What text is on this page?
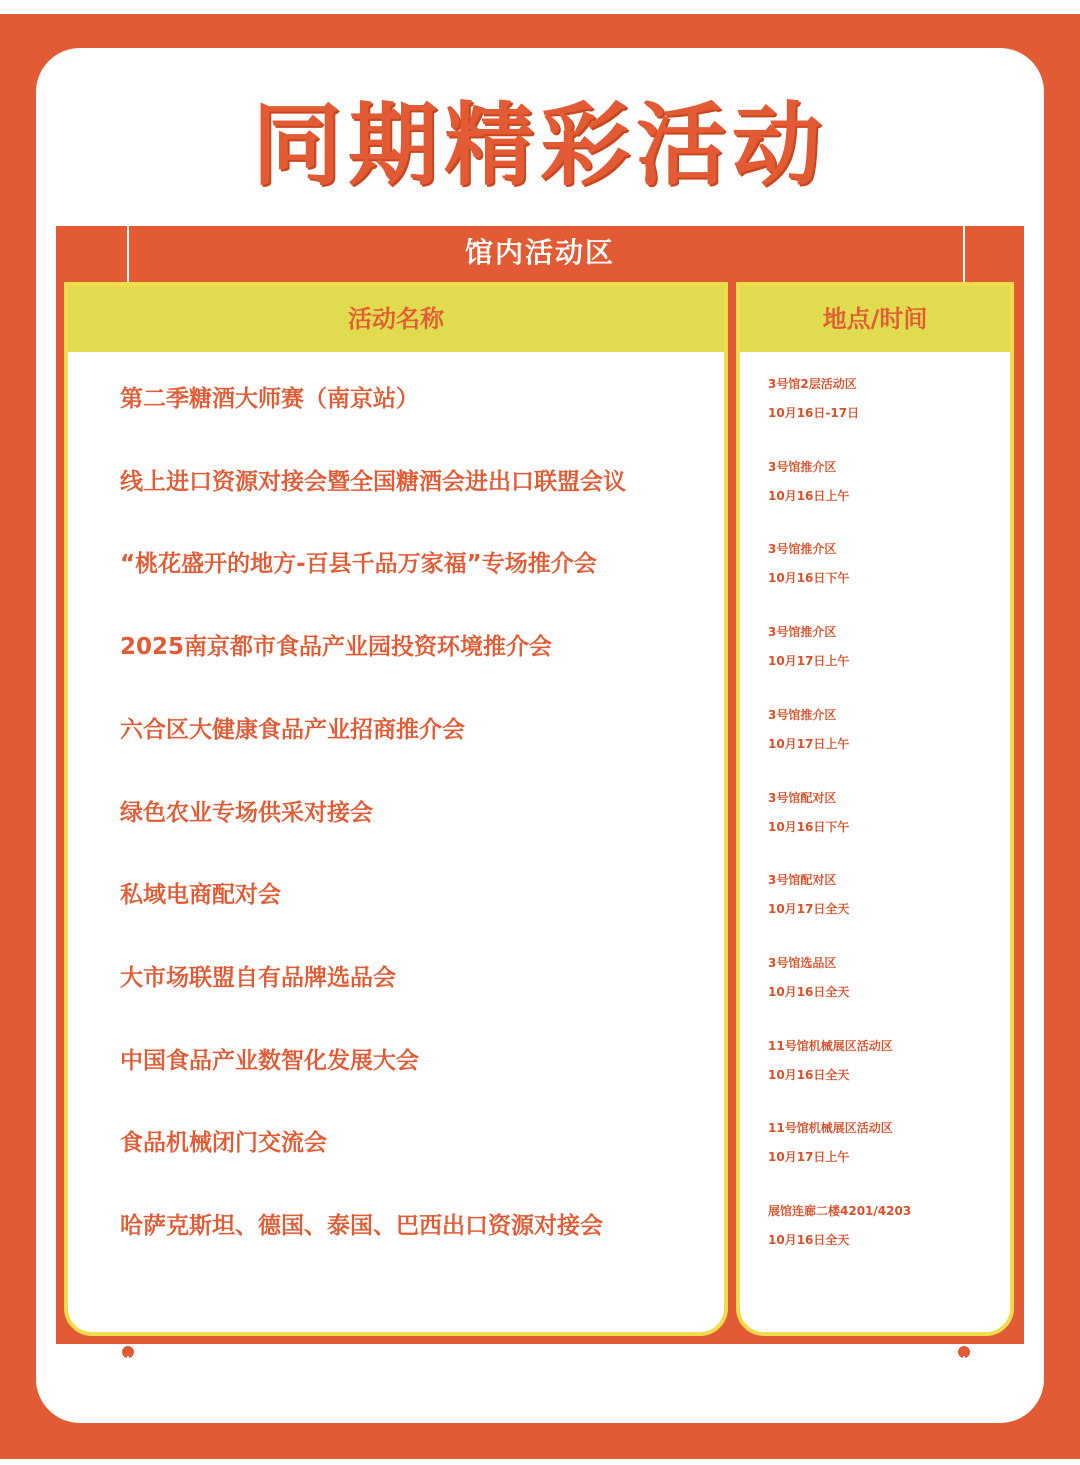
同期精彩活动
馆内活动区
活动名称
第二季糖酒大师赛（南京站）
线上进口资源对接会暨全国糖酒会进出口联盟会议
“桃花盛开的地方-百县千品万家福”专场推介会
2025南京都市食品产业园投资环境推介会
六合区大健康食品产业招商推介会
绿色农业专场供采对接会
私域电商配对会
大市场联盟自有品牌选品会
中国食品产业数智化发展大会
食品机械闭门交流会
哈萨克斯坦、德国、泰国、巴西出口资源对接会
地点/时间
3号馆2层活动区
10月16日-17日
3号馆推介区
10月16日上午
3号馆推介区
10月16日下午
3号馆推介区
10月17日上午
3号馆推介区
10月17日上午
3号馆配对区
10月16日下午
3号馆配对区
10月17日全天
3号馆选品区
10月16日全天
11号馆机械展区活动区
10月16日全天
11号馆机械展区活动区
10月17日上午
展馆连廊二楼4201/4203
10月16日全天
